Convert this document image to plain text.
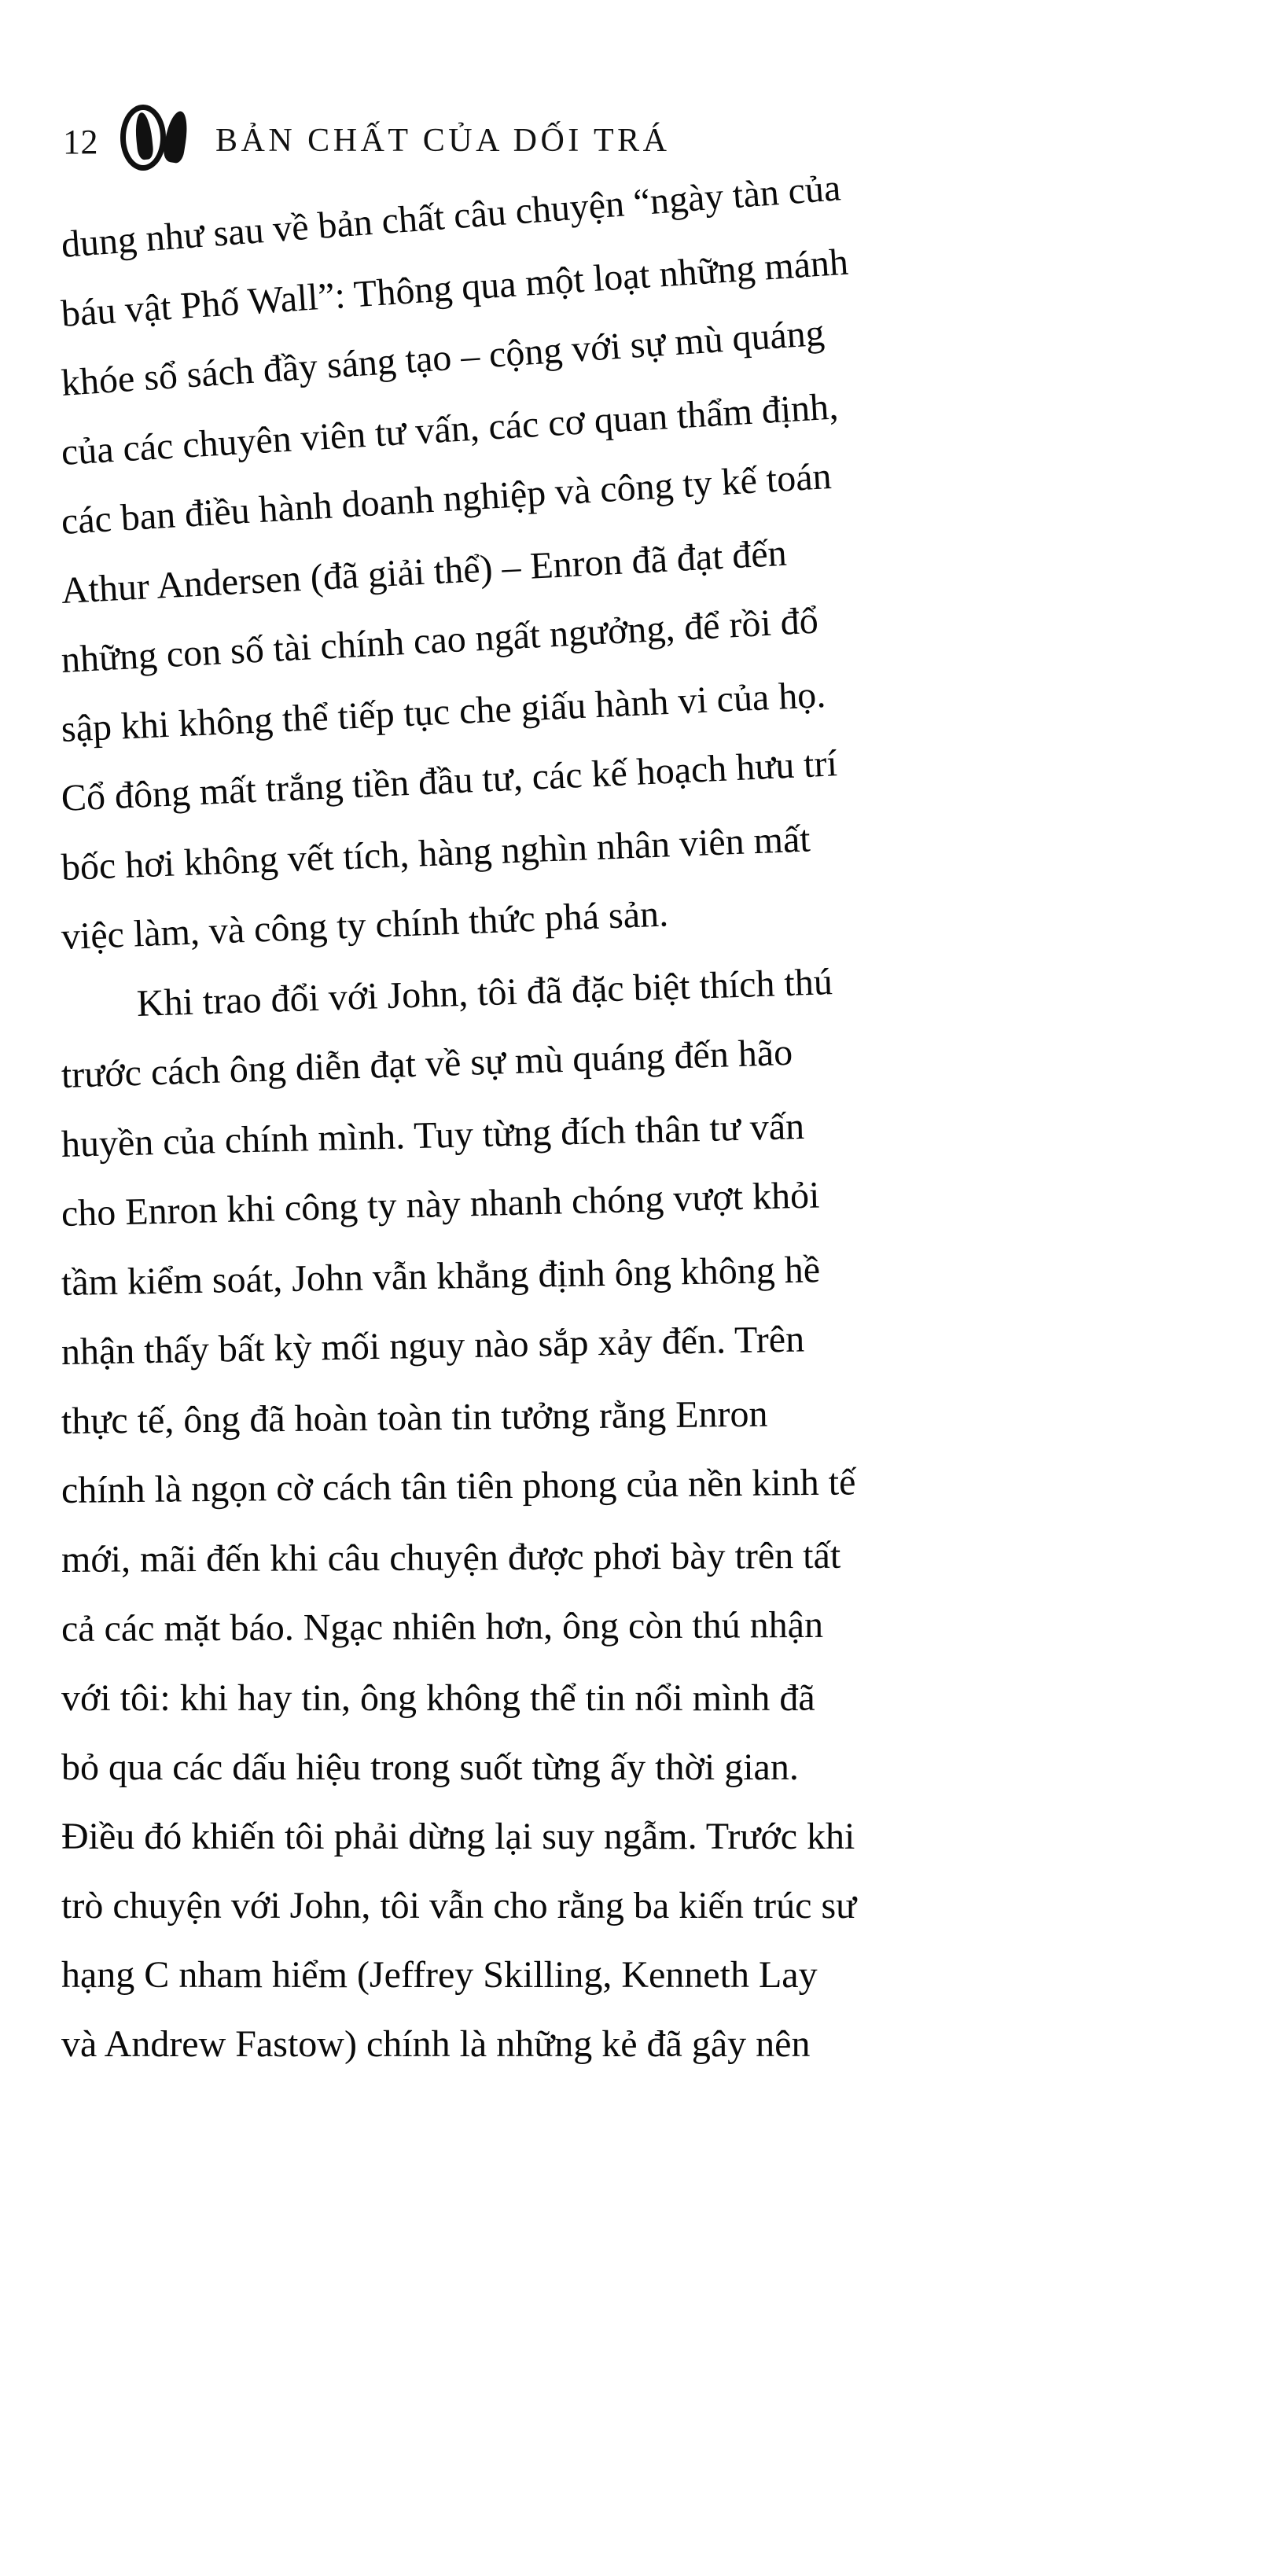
12	BẢN CHẤT CỦA DỐI TRÁ

dung như sau về bản chất câu chuyện “ngày tàn của
báu vật Phố Wall”: Thông qua một loạt những mánh
khóe sổ sách đầy sáng tạo – cộng với sự mù quáng
của các chuyên viên tư vấn, các cơ quan thẩm định,
các ban điều hành doanh nghiệp và công ty kế toán
Athur Andersen (đã giải thể) – Enron đã đạt đến
những con số tài chính cao ngất ngưởng, để rồi đổ
sập khi không thể tiếp tục che giấu hành vi của họ.
Cổ đông mất trắng tiền đầu tư, các kế hoạch hưu trí
bốc hơi không vết tích, hàng nghìn nhân viên mất
việc làm, và công ty chính thức phá sản.

Khi trao đổi với John, tôi đã đặc biệt thích thú
trước cách ông diễn đạt về sự mù quáng đến hão
huyền của chính mình. Tuy từng đích thân tư vấn
cho Enron khi công ty này nhanh chóng vượt khỏi
tầm kiểm soát, John vẫn khẳng định ông không hề
nhận thấy bất kỳ mối nguy nào sắp xảy đến. Trên
thực tế, ông đã hoàn toàn tin tưởng rằng Enron
chính là ngọn cờ cách tân tiên phong của nền kinh tế
mới, mãi đến khi câu chuyện được phơi bày trên tất
cả các mặt báo. Ngạc nhiên hơn, ông còn thú nhận
với tôi: khi hay tin, ông không thể tin nổi mình đã
bỏ qua các dấu hiệu trong suốt từng ấy thời gian.
Điều đó khiến tôi phải dừng lại suy ngẫm. Trước khi
trò chuyện với John, tôi vẫn cho rằng ba kiến trúc sư
hạng C nham hiểm (Jeffrey Skilling, Kenneth Lay
và Andrew Fastow) chính là những kẻ đã gây nên
